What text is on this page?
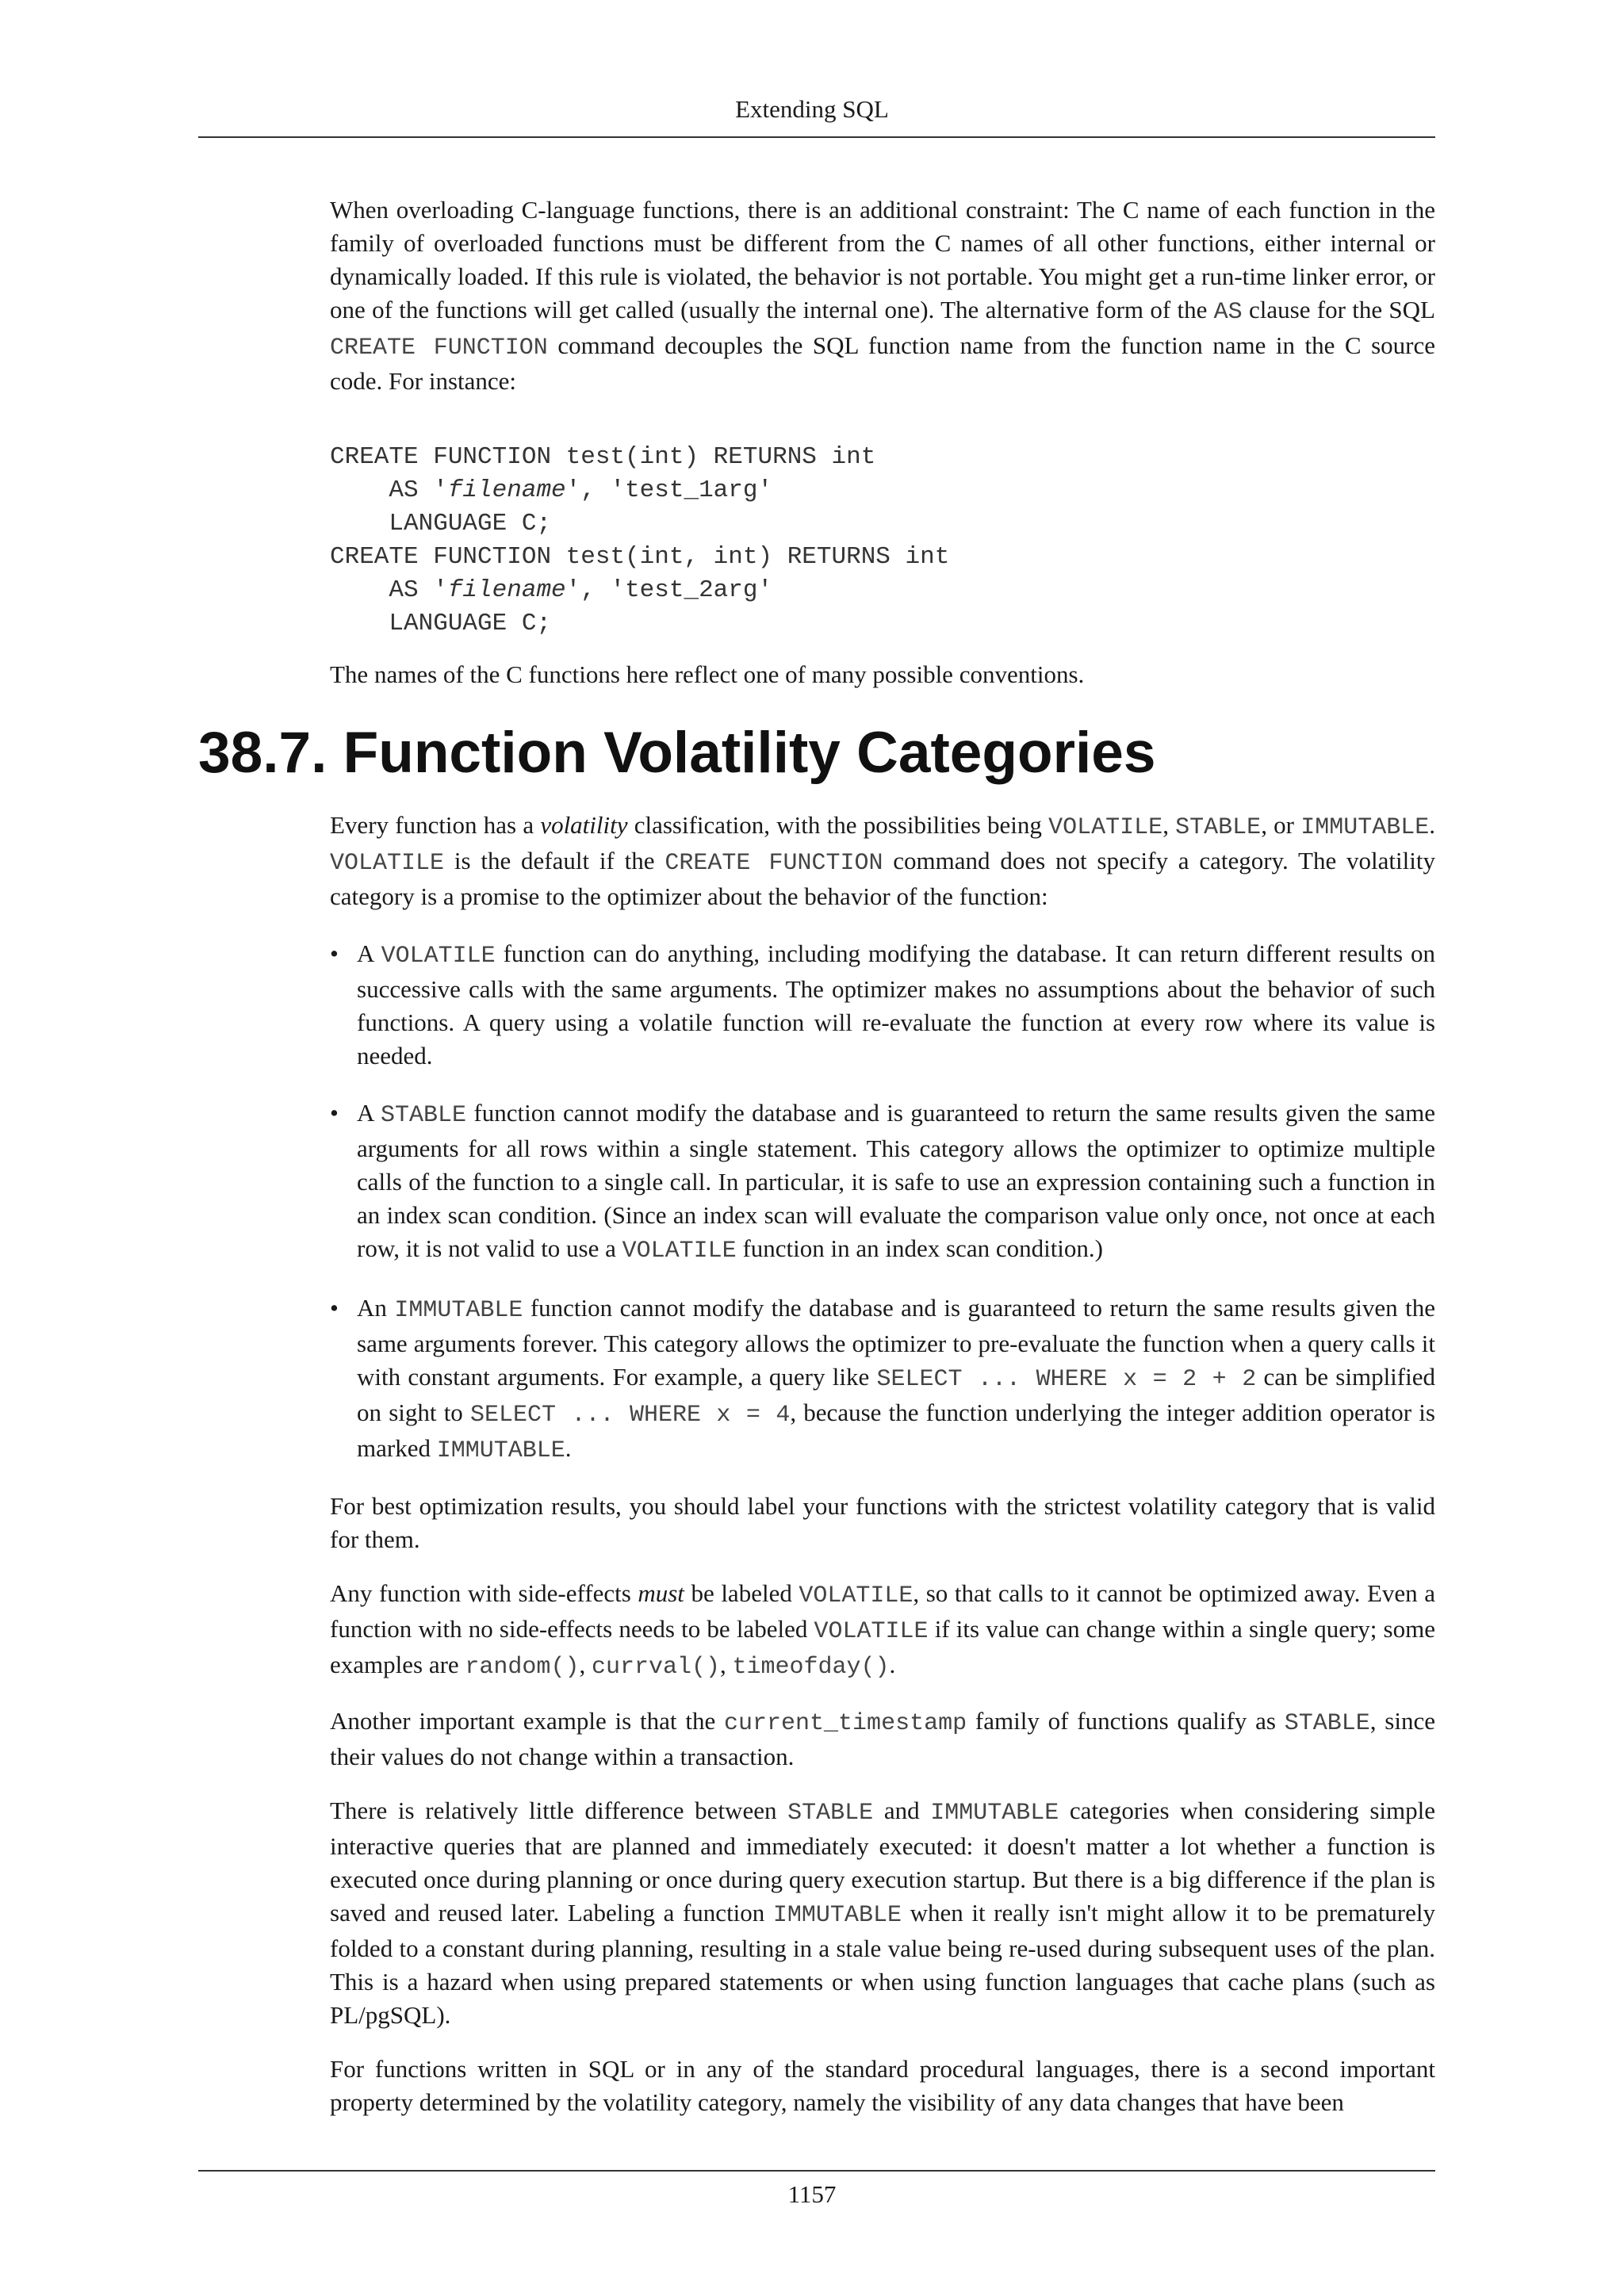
Extending SQL

When overloading C-language functions, there is an additional constraint: The C name of each function in the family of overloaded functions must be different from the C names of all other functions, either internal or dynamically loaded. If this rule is violated, the behavior is not portable. You might get a run-time linker error, or one of the functions will get called (usually the internal one). The alternative form of the AS clause for the SQL CREATE FUNCTION command decouples the SQL function name from the function name in the C source code. For instance:

CREATE FUNCTION test(int) RETURNS int
AS 'filename', 'test_1arg'
LANGUAGE C;
CREATE FUNCTION test(int, int) RETURNS int
AS 'filename', 'test_2arg'
LANGUAGE C;

The names of the C functions here reflect one of many possible conventions.

38.7. Function Volatility Categories

Every function has a volatility classification, with the possibilities being VOLATILE, STABLE, or IMMUTABLE. VOLATILE is the default if the CREATE FUNCTION command does not specify a category. The volatility category is a promise to the optimizer about the behavior of the function:

• A VOLATILE function can do anything, including modifying the database. It can return different results on successive calls with the same arguments. The optimizer makes no assumptions about the behavior of such functions. A query using a volatile function will re-evaluate the function at every row where its value is needed.

• A STABLE function cannot modify the database and is guaranteed to return the same results given the same arguments for all rows within a single statement. This category allows the optimizer to optimize multiple calls of the function to a single call. In particular, it is safe to use an expression containing such a function in an index scan condition. (Since an index scan will evaluate the comparison value only once, not once at each row, it is not valid to use a VOLATILE function in an index scan condition.)

• An IMMUTABLE function cannot modify the database and is guaranteed to return the same results given the same arguments forever. This category allows the optimizer to pre-evaluate the function when a query calls it with constant arguments. For example, a query like SELECT ... WHERE x = 2 + 2 can be simplified on sight to SELECT ... WHERE x = 4, because the function underlying the integer addition operator is marked IMMUTABLE.

For best optimization results, you should label your functions with the strictest volatility category that is valid for them.

Any function with side-effects must be labeled VOLATILE, so that calls to it cannot be optimized away. Even a function with no side-effects needs to be labeled VOLATILE if its value can change within a single query; some examples are random(), currval(), timeofday().

Another important example is that the current_timestamp family of functions qualify as STABLE, since their values do not change within a transaction.

There is relatively little difference between STABLE and IMMUTABLE categories when considering simple interactive queries that are planned and immediately executed: it doesn't matter a lot whether a function is executed once during planning or once during query execution startup. But there is a big difference if the plan is saved and reused later. Labeling a function IMMUTABLE when it really isn't might allow it to be prematurely folded to a constant during planning, resulting in a stale value being re-used during subsequent uses of the plan. This is a hazard when using prepared statements or when using function languages that cache plans (such as PL/pgSQL).

For functions written in SQL or in any of the standard procedural languages, there is a second important property determined by the volatility category, namely the visibility of any data changes that have been

1157
